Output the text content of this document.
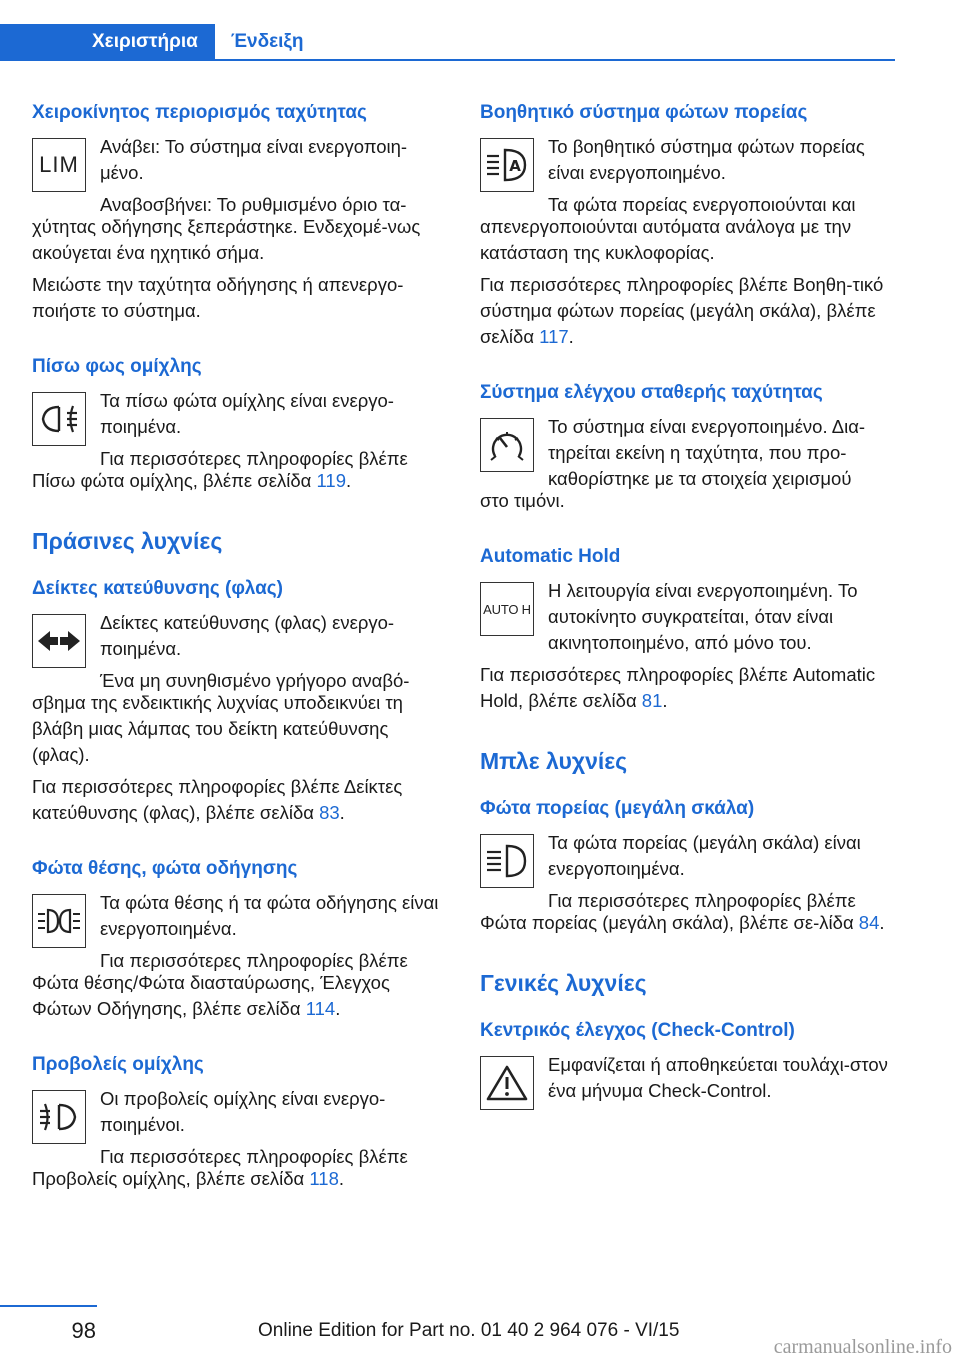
Χειριστήρια	Ένδειξη
Χειροκίνητος περιορισμός ταχύτητας
LIM

Ανάβει: Το σύστημα είναι ενεργοποιη-μένο.

Αναβοσβήνει: Το ρυθμισμένο όριο τα-

χύτητας οδήγησης ξεπεράστηκε. Ενδεχομέ-νως ακούγεται ένα ηχητικό σήμα.

Μειώστε την ταχύτητα οδήγησης ή απενεργο-ποιήστε το σύστημα.

Πίσω φως ομίχλης

Τα πίσω φώτα ομίχλης είναι ενεργο-ποιημένα.

Για περισσότερες πληροφορίες βλέπε

Πίσω φώτα ομίχλης, βλέπε σελίδα 119.

Πράσινες λυχνίες
Δείκτες κατεύθυνσης (φλας)

Δείκτες κατεύθυνσης (φλας) ενεργο-ποιημένα.

Ένα μη συνηθισμένο γρήγορο αναβό-

σβημα της ενδεικτικής λυχνίας υποδεικνύει τη βλάβη μιας λάμπας του δείκτη κατεύθυνσης (φλας).

Για περισσότερες πληροφορίες βλέπε Δείκτες κατεύθυνσης (φλας), βλέπε σελίδα 83.

Φώτα θέσης, φώτα οδήγησης

Τα φώτα θέσης ή τα φώτα οδήγησης είναι ενεργοποιημένα.

Για περισσότερες πληροφορίες βλέπε

Φώτα θέσης/Φώτα διασταύρωσης, Έλεγχος Φώτων Οδήγησης, βλέπε σελίδα 114.

Προβολείς ομίχλης

Οι προβολείς ομίχλης είναι ενεργο-ποιημένοι.

Για περισσότερες πληροφορίες βλέπε

Προβολείς ομίχλης, βλέπε σελίδα 118.

Βοηθητικό σύστημα φώτων πορείας
A

Το βοηθητικό σύστημα φώτων πορείας είναι ενεργοποιημένο.

Τα φώτα πορείας ενεργοποιούνται και

απενεργοποιούνται αυτόματα ανάλογα με την κατάσταση της κυκλοφορίας.

Για περισσότερες πληροφορίες βλέπε Βοηθη-τικό σύστημα φώτων πορείας (μεγάλη σκάλα), βλέπε σελίδα 117.

Σύστημα ελέγχου σταθερής ταχύτητας

Το σύστημα είναι ενεργοποιημένο. Δια-τηρείται εκείνη η ταχύτητα, που προ-καθορίστηκε με τα στοιχεία χειρισμού

στο τιμόνι.

Automatic Hold
AUTO H

Η λειτουργία είναι ενεργοποιημένη. Το αυτοκίνητο συγκρατείται, όταν είναι ακινητοποιημένο, από μόνο του.

Για περισσότερες πληροφορίες βλέπε Automatic Hold, βλέπε σελίδα 81.

Μπλε λυχνίες
Φώτα πορείας (μεγάλη σκάλα)

Τα φώτα πορείας (μεγάλη σκάλα) είναι ενεργοποιημένα.

Για περισσότερες πληροφορίες βλέπε

Φώτα πορείας (μεγάλη σκάλα), βλέπε σε-λίδα 84.

Γενικές λυχνίες
Κεντρικός έλεγχος (Check-Control)

Εμφανίζεται ή αποθηκεύεται τουλάχι-στον ένα μήνυμα Check-Control.

98	Online Edition for Part no. 01 40 2 964 076 - VI/15
carmanualsonline.info
